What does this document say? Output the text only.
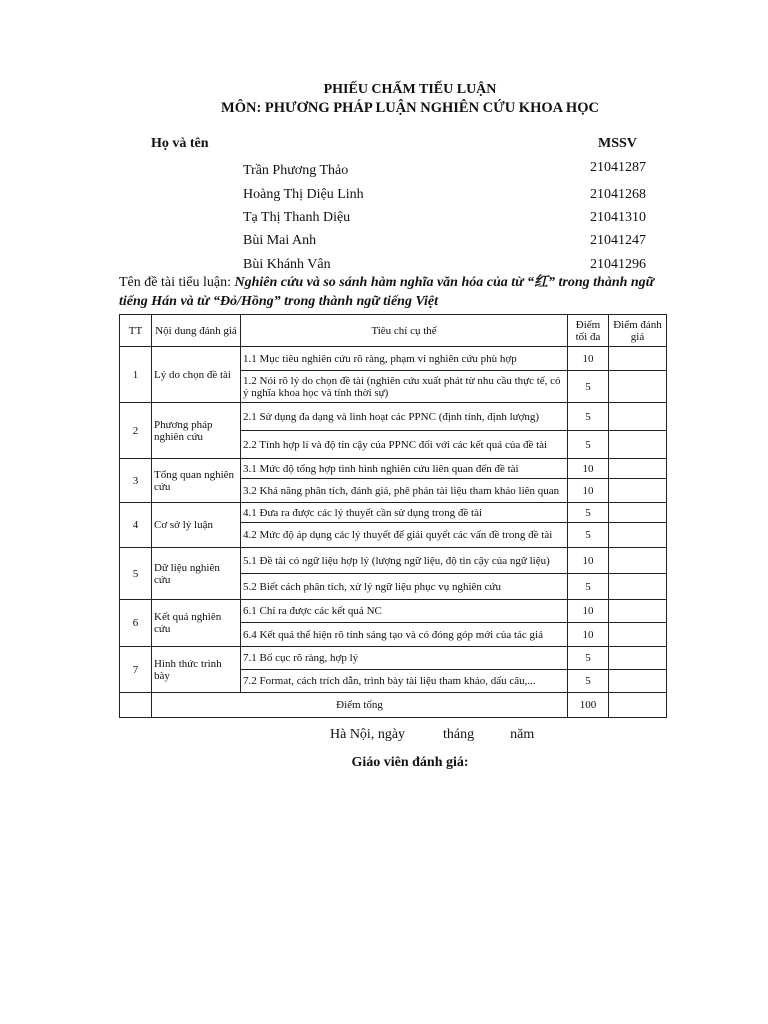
PHIẾU CHẤM TIỂU LUẬN
MÔN: PHƯƠNG PHÁP LUẬN NGHIÊN CỨU KHOA HỌC
Họ và tên	MSSV
Trần Phương Thảo	21041287
Hoàng Thị Diệu Linh	21041268
Tạ Thị Thanh Diệu	21041310
Bùi Mai Anh	21041247
Bùi Khánh Vân	21041296
Tên đề tài tiểu luận: Nghiên cứu và so sánh hàm nghĩa văn hóa của từ “红” trong thành ngữ tiếng Hán và từ “Đỏ/Hồng” trong thành ngữ tiếng Việt
TT	Nội dung đánh giá	Tiêu chí cụ thể	Điểm tối đa	Điểm đánh giá
1	Lý do chọn đề tài	1.1 Mục tiêu nghiên cứu rõ ràng, phạm vi nghiên cứu phù hợp	10	
		1.2 Nói rõ lý do chọn đề tài (nghiên cứu xuất phát từ nhu cầu thực tế, có ý nghĩa khoa học và tính thời sự)	5	
2	Phương pháp nghiên cứu	2.1 Sử dụng đa dạng và linh hoạt các PPNC (định tính, định lượng)	5	
		2.2 Tính hợp lí và độ tin cậy của PPNC đối với các kết quả của đề tài	5	
3	Tổng quan nghiên cứu	3.1 Mức độ tổng hợp tình hình nghiên cứu liên quan đến đề tài	10	
		3.2 Khả năng phân tích, đánh giá, phê phán tài liệu tham khảo liên quan	10	
4	Cơ sở lý luận	4.1 Đưa ra được các lý thuyết cần sử dụng trong đề tài	5	
		4.2 Mức độ áp dụng các lý thuyết để giải quyết các vấn đề trong đề tài	5	
5	Dữ liệu nghiên cứu	5.1 Đề tài có ngữ liệu hợp lý (lượng ngữ liệu, độ tin cậy của ngữ liệu)	10	
		5.2 Biết cách phân tích, xử lý ngữ liệu phục vụ nghiên cứu	5	
6	Kết quả nghiên cứu	6.1 Chỉ ra được các kết quả NC	10	
		6.4 Kết quả thể hiện rõ tính sáng tạo và có đóng góp mới của tác giả	10	
7	Hình thức trình bày	7.1 Bố cục rõ ràng, hợp lý	5	
		7.2 Format, cách trích dẫn, trình bày tài liệu tham khảo, dấu câu,...	5	
	Điểm tổng		100	
Hà Nội, ngày	tháng	năm
Giáo viên đánh giá:
